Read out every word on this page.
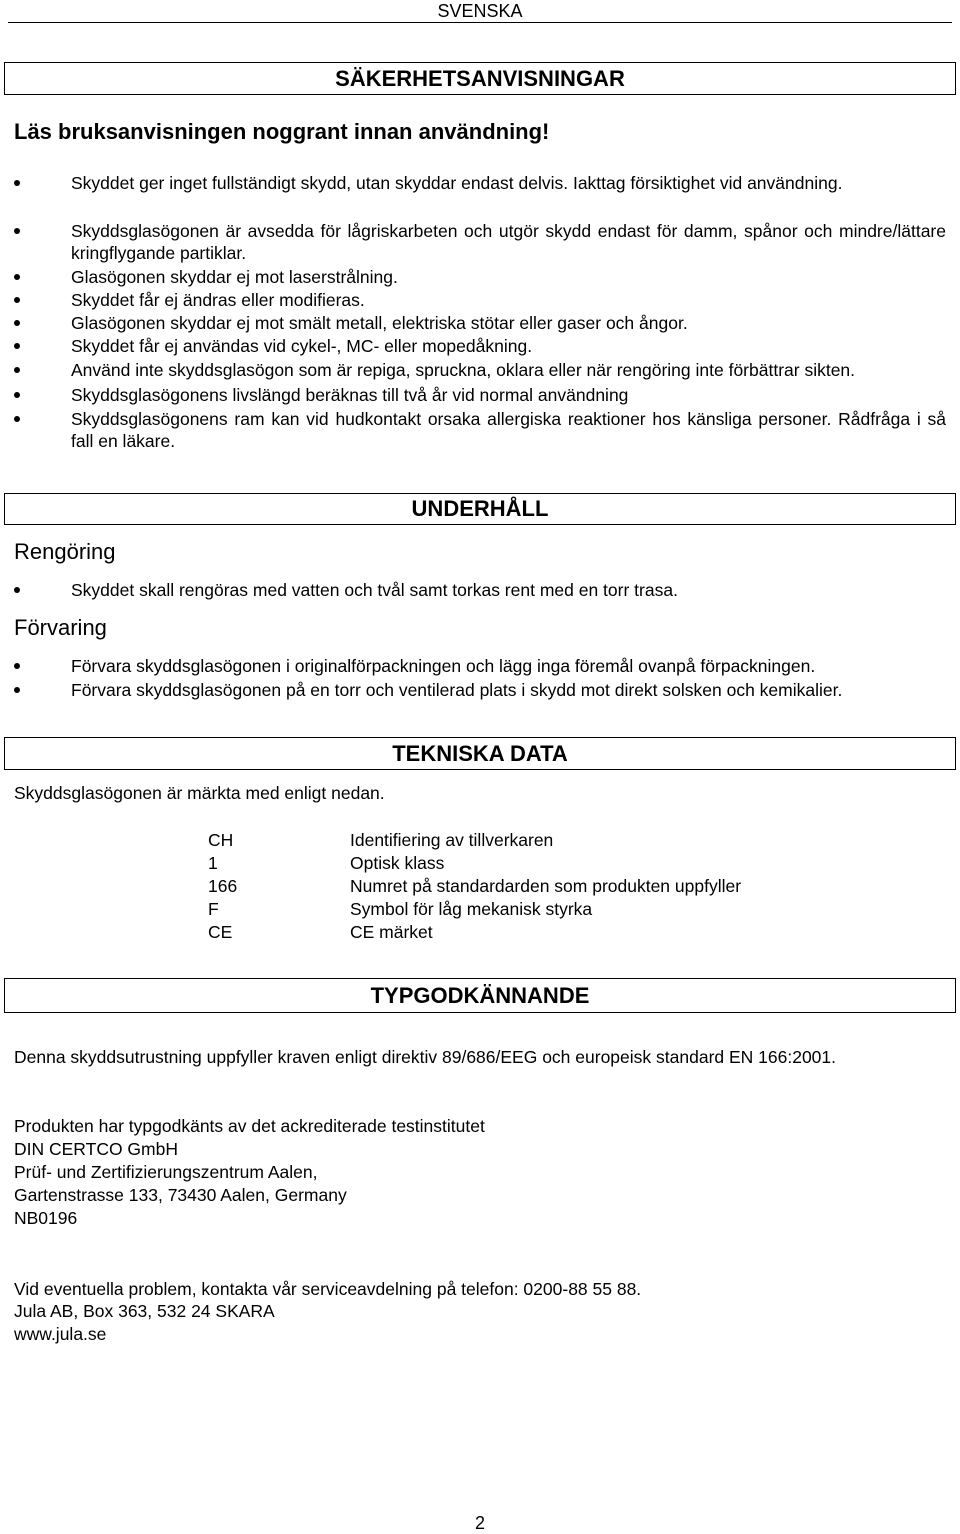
SVENSKA
SÄKERHETSANVISNINGAR
Läs bruksanvisningen noggrant innan användning!
Skyddet ger inget fullständigt skydd, utan skyddar endast delvis. Iakttag försiktighet vid användning.
Skyddsglasögonen är avsedda för lågriskarbeten och utgör skydd endast för damm, spånor och mindre/lättare kringflygande partiklar.
Glasögonen skyddar ej mot laserstrålning.
Skyddet får ej ändras eller modifieras.
Glasögonen skyddar ej mot smält metall, elektriska stötar eller gaser och ångor.
Skyddet får ej användas vid cykel-, MC- eller mopedåkning.
Använd inte skyddsglasögon som är repiga, spruckna, oklara eller när rengöring inte förbättrar sikten.
Skyddsglasögonens livslängd beräknas till två år vid normal användning
Skyddsglasögonens ram kan vid hudkontakt orsaka allergiska reaktioner hos känsliga personer. Rådfråga i så fall en läkare.
UNDERHÅLL
Rengöring
Skyddet skall rengöras med vatten och tvål samt torkas rent med en torr trasa.
Förvaring
Förvara skyddsglasögonen i originalförpackningen och lägg inga föremål ovanpå förpackningen.
Förvara skyddsglasögonen på en torr och ventilerad plats i skydd mot direkt solsken och kemikalier.
TEKNISKA DATA
Skyddsglasögonen är märkta med enligt nedan.
CH	Identifiering av tillverkaren
1	Optisk klass
166	Numret på standardarden som produkten uppfyller
F	Symbol för låg mekanisk styrka
CE	CE märket
TYPGODKÄNNANDE
Denna skyddsutrustning uppfyller kraven enligt direktiv 89/686/EEG och europeisk standard EN 166:2001.
Produkten har typgodkänts av det ackrediterade testinstitutet
DIN CERTCO GmbH
Prüf- und Zertifizierungszentrum Aalen,
Gartenstrasse 133, 73430 Aalen, Germany
NB0196
Vid eventuella problem, kontakta vår serviceavdelning på telefon: 0200-88 55 88.
Jula AB, Box 363, 532 24 SKARA
www.jula.se
2
